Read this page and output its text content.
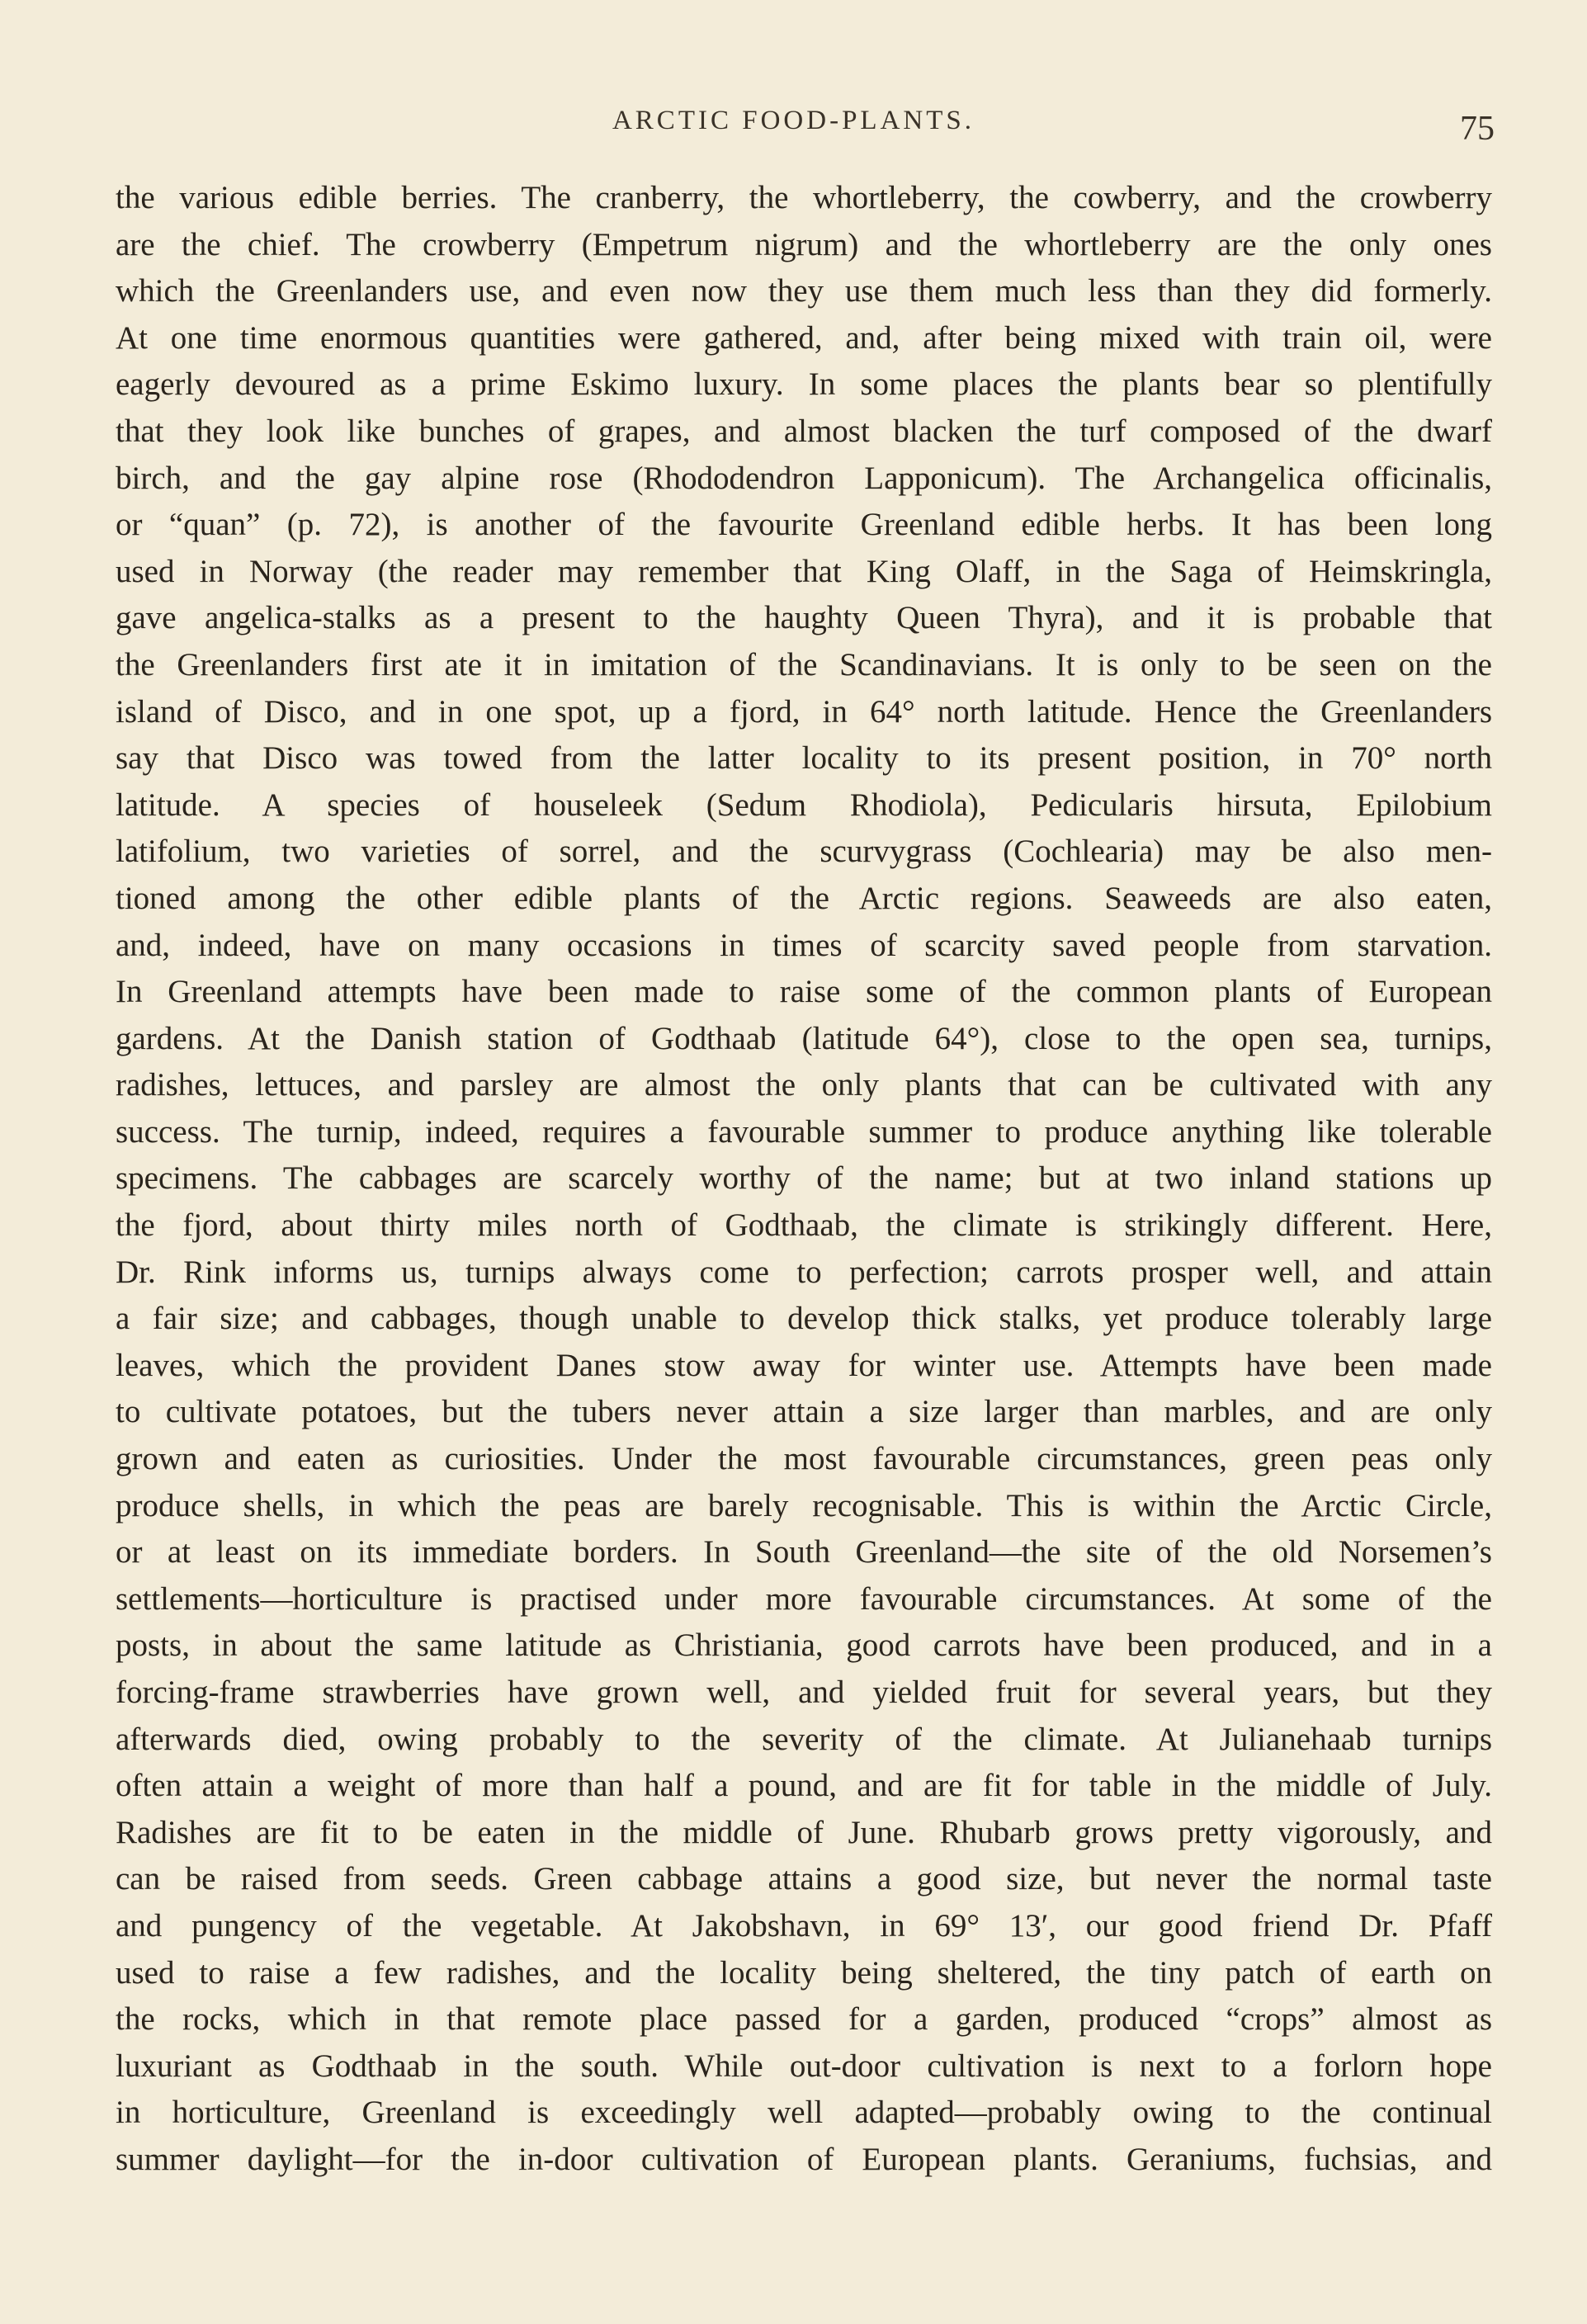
ARCTIC FOOD-PLANTS.	75
the various edible berries. The cranberry, the whortleberry, the cowberry, and the crowberry
are the chief. The crowberry (Empetrum nigrum) and the whortleberry are the only ones
which the Greenlanders use, and even now they use them much less than they did formerly.
At one time enormous quantities were gathered, and, after being mixed with train oil, were
eagerly devoured as a prime Eskimo luxury. In some places the plants bear so plentifully
that they look like bunches of grapes, and almost blacken the turf composed of the dwarf
birch, and the gay alpine rose (Rhododendron Lapponicum). The Archangelica officinalis,
or “quan” (p. 72), is another of the favourite Greenland edible herbs. It has been long
used in Norway (the reader may remember that King Olaff, in the Saga of Heimskringla,
gave angelica-stalks as a present to the haughty Queen Thyra), and it is probable that
the Greenlanders first ate it in imitation of the Scandinavians. It is only to be seen on the
island of Disco, and in one spot, up a fjord, in 64° north latitude. Hence the Greenlanders
say that Disco was towed from the latter locality to its present position, in 70° north
latitude. A species of houseleek (Sedum Rhodiola), Pedicularis hirsuta, Epilobium
latifolium, two varieties of sorrel, and the scurvygrass (Cochlearia) may be also men-
tioned among the other edible plants of the Arctic regions. Seaweeds are also eaten,
and, indeed, have on many occasions in times of scarcity saved people from starvation.
In Greenland attempts have been made to raise some of the common plants of European
gardens. At the Danish station of Godthaab (latitude 64°), close to the open sea, turnips,
radishes, lettuces, and parsley are almost the only plants that can be cultivated with any
success. The turnip, indeed, requires a favourable summer to produce anything like tolerable
specimens. The cabbages are scarcely worthy of the name; but at two inland stations up
the fjord, about thirty miles north of Godthaab, the climate is strikingly different. Here,
Dr. Rink informs us, turnips always come to perfection; carrots prosper well, and attain
a fair size; and cabbages, though unable to develop thick stalks, yet produce tolerably large
leaves, which the provident Danes stow away for winter use. Attempts have been made
to cultivate potatoes, but the tubers never attain a size larger than marbles, and are only
grown and eaten as curiosities. Under the most favourable circumstances, green peas only
produce shells, in which the peas are barely recognisable. This is within the Arctic Circle,
or at least on its immediate borders. In South Greenland—the site of the old Norsemen’s
settlements—horticulture is practised under more favourable circumstances. At some of the
posts, in about the same latitude as Christiania, good carrots have been produced, and in a
forcing-frame strawberries have grown well, and yielded fruit for several years, but they
afterwards died, owing probably to the severity of the climate. At Julianehaab turnips
often attain a weight of more than half a pound, and are fit for table in the middle of July.
Radishes are fit to be eaten in the middle of June. Rhubarb grows pretty vigorously, and
can be raised from seeds. Green cabbage attains a good size, but never the normal taste
and pungency of the vegetable. At Jakobshavn, in 69° 13′, our good friend Dr. Pfaff
used to raise a few radishes, and the locality being sheltered, the tiny patch of earth on
the rocks, which in that remote place passed for a garden, produced “crops” almost as
luxuriant as Godthaab in the south. While out-door cultivation is next to a forlorn hope
in horticulture, Greenland is exceedingly well adapted—probably owing to the continual
summer daylight—for the in-door cultivation of European plants. Geraniums, fuchsias, and
